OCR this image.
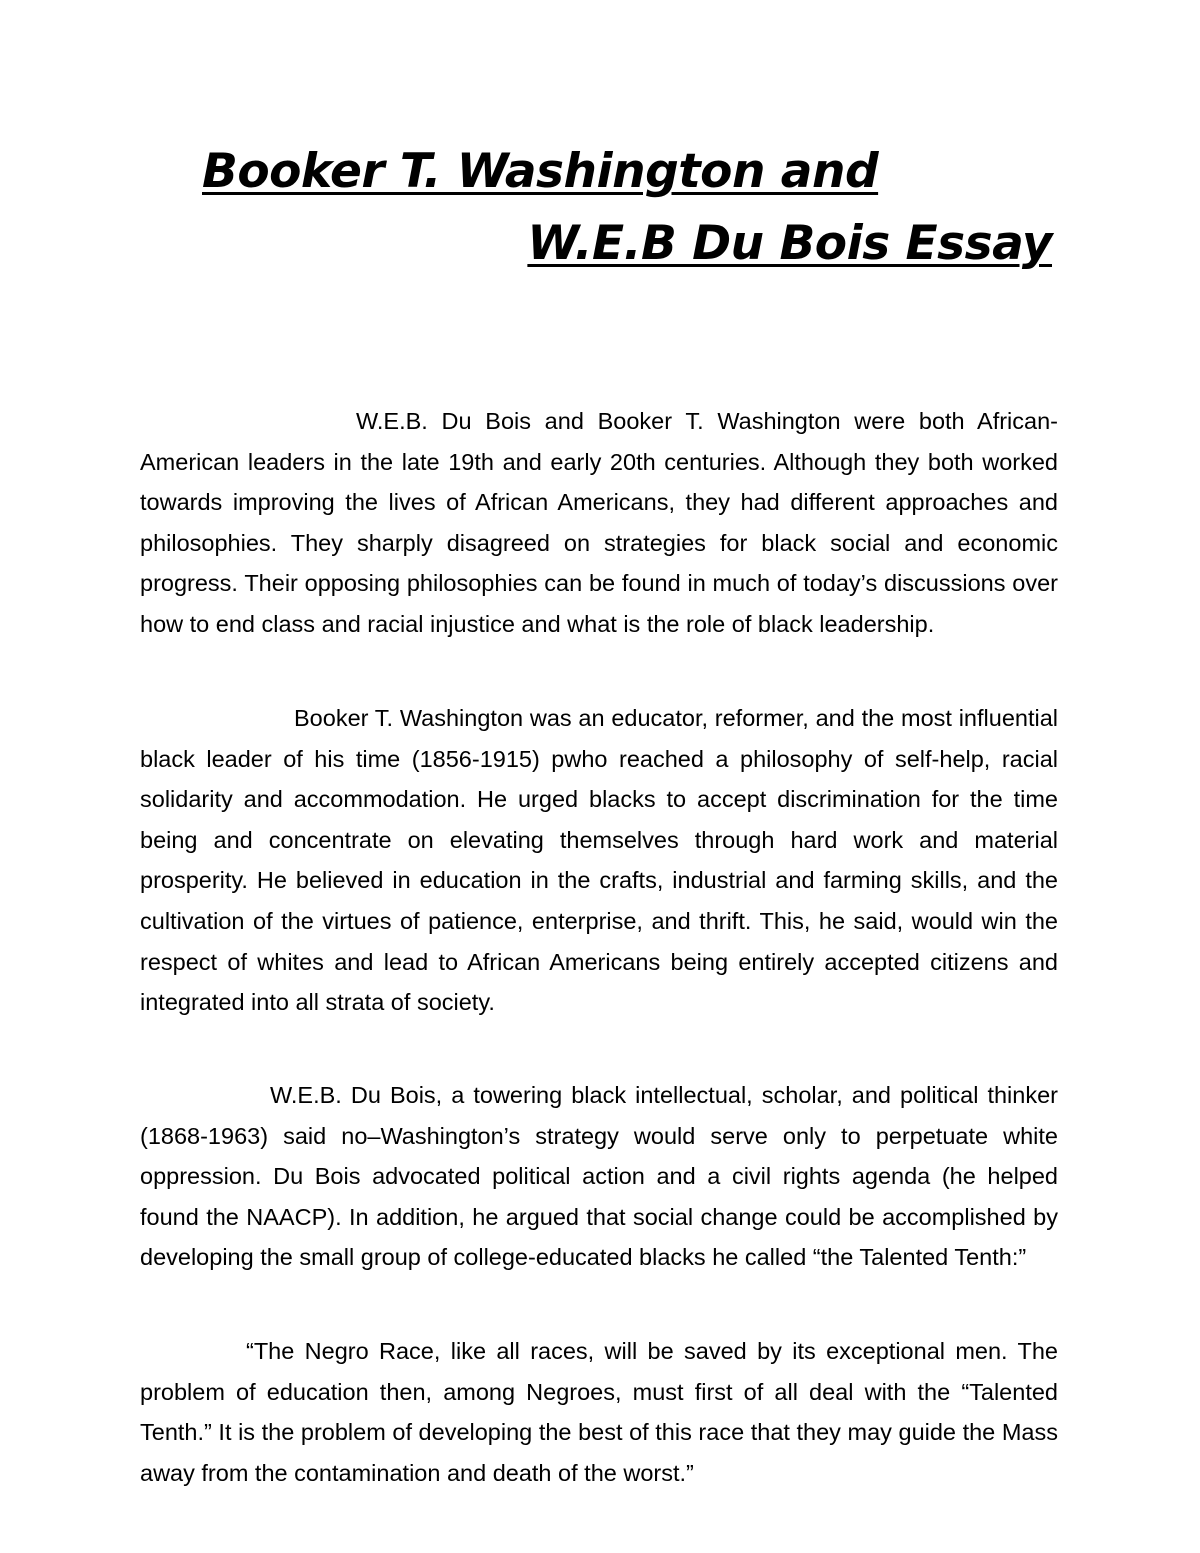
Booker T. Washington and
W.E.B Du Bois Essay

W.E.B. Du Bois and Booker T. Washington were both African-American leaders in the late 19th and early 20th centuries. Although they both worked towards improving the lives of African Americans, they had different approaches and philosophies. They sharply disagreed on strategies for black social and economic progress. Their opposing philosophies can be found in much of today’s discussions over how to end class and racial injustice and what is the role of black leadership.

Booker T. Washington was an educator, reformer, and the most influential black leader of his time (1856-1915) pwho reached a philosophy of self-help, racial solidarity and accommodation. He urged blacks to accept discrimination for the time being and concentrate on elevating themselves through hard work and material prosperity. He believed in education in the crafts, industrial and farming skills, and the cultivation of the virtues of patience, enterprise, and thrift. This, he said, would win the respect of whites and lead to African Americans being entirely accepted citizens and integrated into all strata of society.

W.E.B. Du Bois, a towering black intellectual, scholar, and political thinker (1868-1963) said no–Washington’s strategy would serve only to perpetuate white oppression. Du Bois advocated political action and a civil rights agenda (he helped found the NAACP). In addition, he argued that social change could be accomplished by developing the small group of college-educated blacks he called “the Talented Tenth:”

“The Negro Race, like all races, will be saved by its exceptional men. The problem of education then, among Negroes, must first of all deal with the “Talented Tenth.” It is the problem of developing the best of this race that they may guide the Mass away from the contamination and death of the worst.”
